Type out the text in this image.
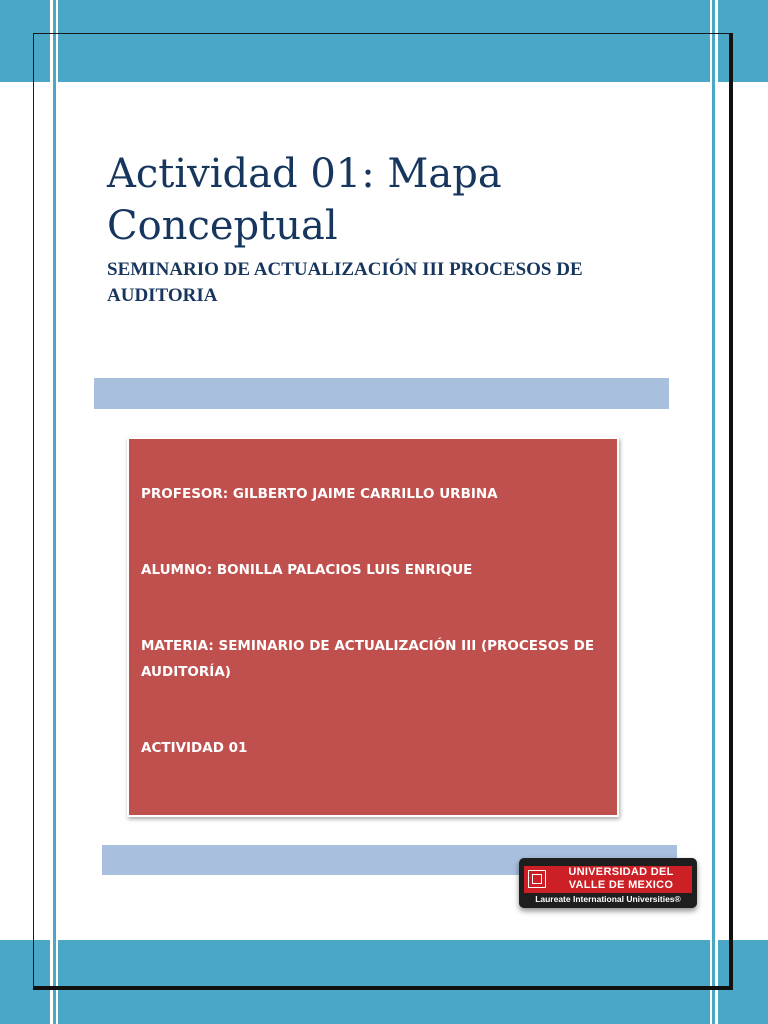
Actividad 01: Mapa Conceptual
SEMINARIO DE ACTUALIZACIÓN III PROCESOS DE AUDITORIA

PROFESOR: GILBERTO JAIME CARRILLO URBINA

ALUMNO: BONILLA PALACIOS LUIS ENRIQUE

MATERIA: SEMINARIO DE ACTUALIZACIÓN III (PROCESOS DE AUDITORÍA)

ACTIVIDAD 01

UNIVERSIDAD DEL

VALLE DE MEXICO

Laureate International Universities®
